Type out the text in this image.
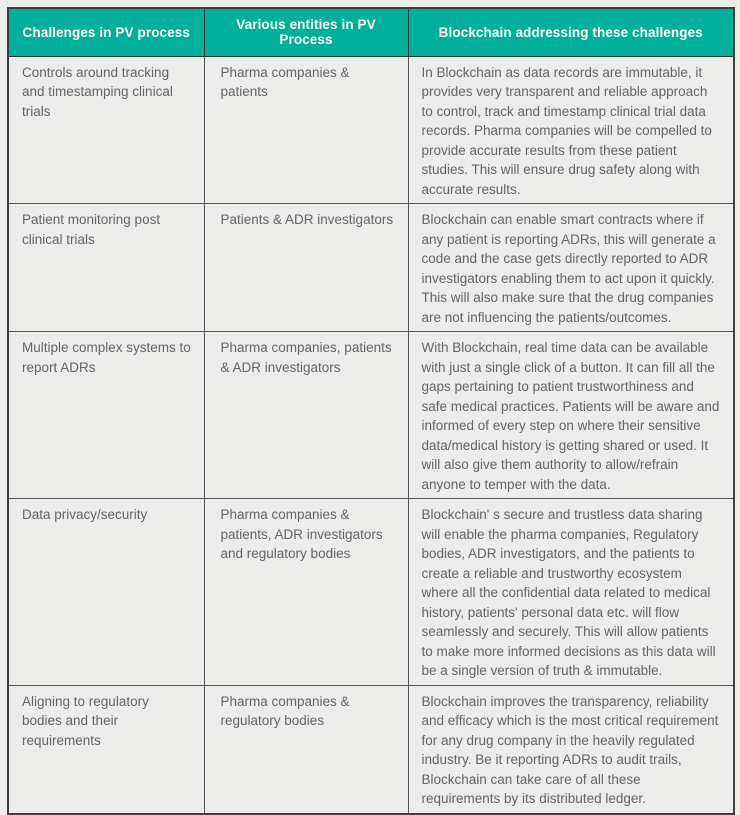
Challenges in PV process	Various entities in PV Process	Blockchain addressing these challenges
Controls around tracking and timestamping clinical trials	Pharma companies & patients	In Blockchain as data records are immutable, it provides very transparent and reliable approach to control, track and timestamp clinical trial data records. Pharma companies will be compelled to provide accurate results from these patient studies. This will ensure drug safety along with accurate results.
Patient monitoring post clinical trials	Patients & ADR investigators	Blockchain can enable smart contracts where if any patient is reporting ADRs, this will generate a code and the case gets directly reported to ADR investigators enabling them to act upon it quickly. This will also make sure that the drug companies are not influencing the patients/outcomes.
Multiple complex systems to report ADRs	Pharma companies, patients & ADR investigators	With Blockchain, real time data can be available with just a single click of a button. It can fill all the gaps pertaining to patient trustworthiness and safe medical practices. Patients will be aware and informed of every step on where their sensitive data/medical history is getting shared or used. It will also give them authority to allow/refrain anyone to temper with the data.
Data privacy/security	Pharma companies & patients, ADR investigators and regulatory bodies	Blockchain' s secure and trustless data sharing will enable the pharma companies, Regulatory bodies, ADR investigators, and the patients to create a reliable and trustworthy ecosystem where all the confidential data related to medical history, patients' personal data etc. will flow seamlessly and securely. This will allow patients to make more informed decisions as this data will be a single version of truth & immutable.
Aligning to regulatory bodies and their requirements	Pharma companies & regulatory bodies	Blockchain improves the transparency, reliability and efficacy which is the most critical requirement for any drug company in the heavily regulated industry. Be it reporting ADRs to audit trails, Blockchain can take care of all these requirements by its distributed ledger.
